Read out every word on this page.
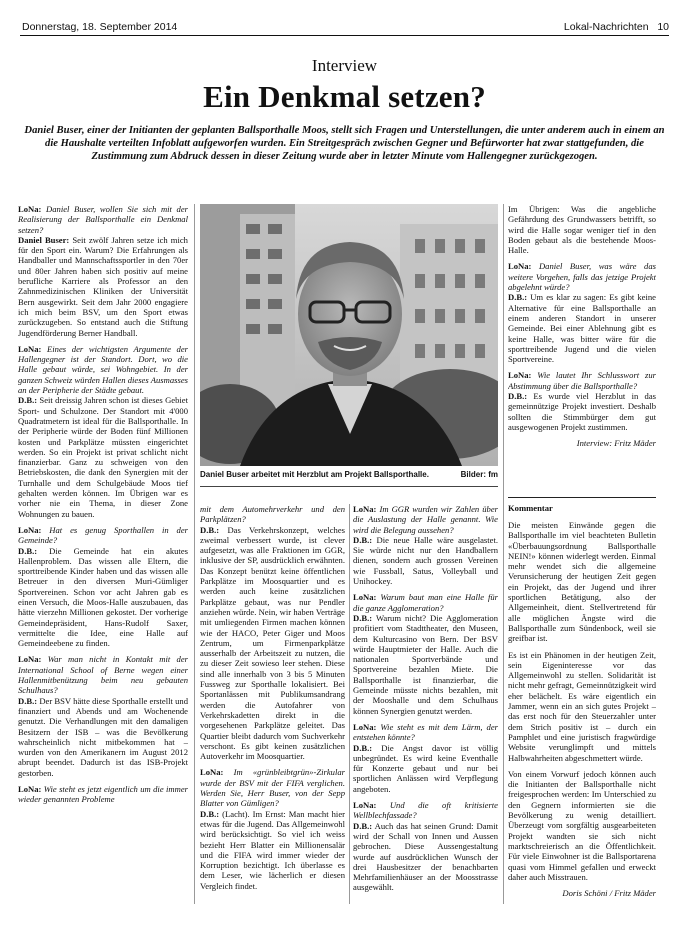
Donnerstag, 18. September 2014	Lokal-Nachrichten 10
Interview
Ein Denkmal setzen?
Daniel Buser, einer der Initianten der geplanten Ballsporthalle Moos, stellt sich Fragen und Unterstellungen, die unter anderem auch in einem an die Haushalte verteilten Infoblatt aufgeworfen wurden. Ein Streitgespräch zwischen Gegner und Befürworter hat zwar stattgefunden, die Zustimmung zum Abdruck dessen in dieser Zeitung wurde aber in letzter Minute vom Hallengegner zurückgezogen.

LoNa: Daniel Buser, wollen Sie sich mit der Realisierung der Ballsporthalle ein Denkmal setzen?
Daniel Buser: Seit zwölf Jahren setze ich mich für den Sport ein. Warum? Die Erfahrungen als Handballer und Mannschaftssportler in den 70er und 80er Jahren haben sich positiv auf meine berufliche Karriere als Professor an den Zahnmedizinischen Kliniken der Universität Bern ausgewirkt. Seit dem Jahr 2000 engagiere ich mich beim BSV, um den Sport etwas zurückzugeben. So entstand auch die Stiftung Jugendförderung Berner Handball.

LoNa: Eines der wichtigsten Argumente der Hallengegner ist der Standort. Dort, wo die Halle gebaut würde, sei Wohngebiet. In der ganzen Schweiz würden Hallen dieses Ausmasses an der Peripherie der Städte gebaut.
D.B.: Seit dreissig Jahren schon ist dieses Gebiet Sport- und Schulzone. Der Standort mit 4'000 Quadratmetern ist ideal für die Ballsporthalle. In der Peripherie würde der Boden fünf Millionen kosten und Parkplätze müssten eingerichtet werden. So ein Projekt ist privat schlicht nicht finanzierbar. Ganz zu schweigen von den Betriebskosten, die dank den Synergien mit der Turnhalle und dem Schulgebäude Moos tief gehalten werden können. Im Übrigen war es vorher nie ein Thema, in dieser Zone Wohnungen zu bauen.

LoNa: Hat es genug Sporthallen in der Gemeinde?
D.B.: Die Gemeinde hat ein akutes Hallenproblem. Das wissen alle Eltern, die sporttreibende Kinder haben und das wissen alle Betreuer in den diversen Muri-Gümliger Sportvereinen. Schon vor acht Jahren gab es einen Versuch, die Moos-Halle auszubauen, das hätte vierzehn Millionen gekostet. Der vorherige Gemeindepräsident, Hans-Rudolf Saxer, vermittelte die Idee, eine Halle auf Gemeindeebene zu finden.

LoNa: War man nicht in Kontakt mit der International School of Berne wegen einer Hallenmitbenützung beim neu gebauten Schulhaus?
D.B.: Der BSV hätte diese Sporthalle erstellt und finanziert und Abends und am Wochenende genutzt. Die Verhandlungen mit den damaligen Besitzern der ISB – was die Bevölkerung wahrscheinlich nicht mitbekommen hat – wurden von den Amerikanern im August 2012 abrupt beendet. Dadurch ist das ISB-Projekt gestorben.

LoNa: Wie steht es jetzt eigentlich um die immer wieder genannten Probleme

Daniel Buser arbeitet mit Herzblut am Projekt Ballsporthalle.	Bilder: fm

mit dem Automehrverkehr und den Parkplätzen?
D.B.: Das Verkehrskonzept, welches zweimal verbessert wurde, ist clever aufgesetzt, was alle Fraktionen im GGR, inklusive der SP, ausdrücklich erwähnten. Das Konzept benützt keine öffentlichen Parkplätze im Moosquartier und es werden auch keine zusätzlichen Parkplätze gebaut, was nur Pendler anziehen würde. Nein, wir haben Verträge mit umliegenden Firmen machen können wie der HACO, Peter Giger und Moos Zentrum, um Firmenparkplätze ausserhalb der Arbeitszeit zu nutzen, die zu dieser Zeit sowieso leer stehen. Diese sind alle innerhalb von 3 bis 5 Minuten Fussweg zur Sporthalle lokalisiert. Bei Sportanlässen mit Publikumsandrang werden die Autofahrer von Verkehrskadetten direkt in die vorgesehenen Parkplätze geleitet. Das Quartier bleibt dadurch vom Suchverkehr verschont. Es gibt keinen zusätzlichen Autoverkehr im Moosquartier.

LoNa: Im «grünbleibtgrün»-Zirkular wurde der BSV mit der FIFA verglichen. Werden Sie, Herr Buser, von der Sepp Blatter von Gümligen?
D.B.: (Lacht). Im Ernst: Man macht hier etwas für die Jugend. Das Allgemeinwohl wird berücksichtigt. So viel ich weiss bezieht Herr Blatter ein Millionensalär und die FIFA wird immer wieder der Korruption bezichtigt. Ich überlasse es dem Leser, wie lächerlich er diesen Vergleich findet.

LoNa: Im GGR wurden wir Zahlen über die Auslastung der Halle genannt. Wie wird die Belegung aussehen?
D.B.: Die neue Halle wäre ausgelastet. Sie würde nicht nur den Handballern dienen, sondern auch grossen Vereinen wie Fussball, Satus, Volleyball und Unihockey.

LoNa: Warum baut man eine Halle für die ganze Agglomeration?
D.B.: Warum nicht? Die Agglomeration profitiert vom Stadttheater, den Museen, dem Kulturcasino von Bern. Der BSV würde Hauptmieter der Halle. Auch die nationalen Sportverbände und Sportvereine bezahlen Miete. Die Ballsporthalle ist finanzierbar, die Gemeinde müsste nichts bezahlen, mit der Mooshalle und dem Schulhaus können Synergien genutzt werden.

LoNa: Wie steht es mit dem Lärm, der entstehen könnte?
D.B.: Die Angst davor ist völlig unbegründet. Es wird keine Eventhalle für Konzerte gebaut und nur bei sportlichen Anlässen wird Verpflegung angeboten.

LoNa: Und die oft kritisierte Wellblechfassade?
D.B.: Auch das hat seinen Grund: Damit wird der Schall von Innen und Aussen gebrochen. Diese Aussengestaltung wurde auf ausdrücklichen Wunsch der drei Hausbesitzer der benachbarten Mehrfamilienhäuser an der Moosstrasse ausgewählt.

Im Übrigen: Was die angebliche Gefährdung des Grundwassers betrifft, so wird die Halle sogar weniger tief in den Boden gebaut als die bestehende Moos-Halle.

LoNa: Daniel Buser, was wäre das weitere Vorgehen, falls das jetzige Projekt abgelehnt würde?
D.B.: Um es klar zu sagen: Es gibt keine Alternative für eine Ballsporthalle an einem anderen Standort in unserer Gemeinde. Bei einer Ablehnung gibt es keine Halle, was bitter wäre für die sporttreibende Jugend und die vielen Sportvereine.

LoNa: Wie lautet Ihr Schlusswort zur Abstimmung über die Ballsporthalle?
D.B.: Es wurde viel Herzblut in das gemeinnützige Projekt investiert. Deshalb sollten die Stimmbürger dem gut ausgewogenen Projekt zustimmen.

Interview: Fritz Mäder

Kommentar

Die meisten Einwände gegen die Ballsporthalle im viel beachteten Bulletin «Überbauungsordnung Ballsporthalle NEIN!» können widerlegt werden. Einmal mehr wendet sich die allgemeine Verunsicherung der heutigen Zeit gegen ein Projekt, das der Jugend und ihrer sportlichen Betätigung, also der Allgemeinheit, dient. Stellvertretend für alle möglichen Ängste wird die Ballsporthalle zum Sündenbock, weil sie greifbar ist.

Es ist ein Phänomen in der heutigen Zeit, sein Eigeninteresse vor das Allgemeinwohl zu stellen. Solidarität ist nicht mehr gefragt, Gemeinnützigkeit wird eher belächelt. Es wäre eigentlich ein Jammer, wenn ein an sich gutes Projekt – das erst noch für den Steuerzahler unter dem Strich positiv ist – durch ein Pamphlet und eine juristisch fragwürdige Website verunglimpft und mittels Halbwahrheiten abgeschmettert würde.

Von einem Vorwurf jedoch können auch die Initianten der Ballsporthalle nicht freigesprochen werden: Im Unterschied zu den Gegnern informierten sie die Bevölkerung zu wenig detailliert. Überzeugt vom sorgfältig ausgearbeiteten Projekt wandten sie sich nicht marktschreierisch an die Öffentlichkeit. Für viele Einwohner ist die Ballsportarena quasi vom Himmel gefallen und erweckt daher auch Misstrauen.

Doris Schöni / Fritz Mäder
